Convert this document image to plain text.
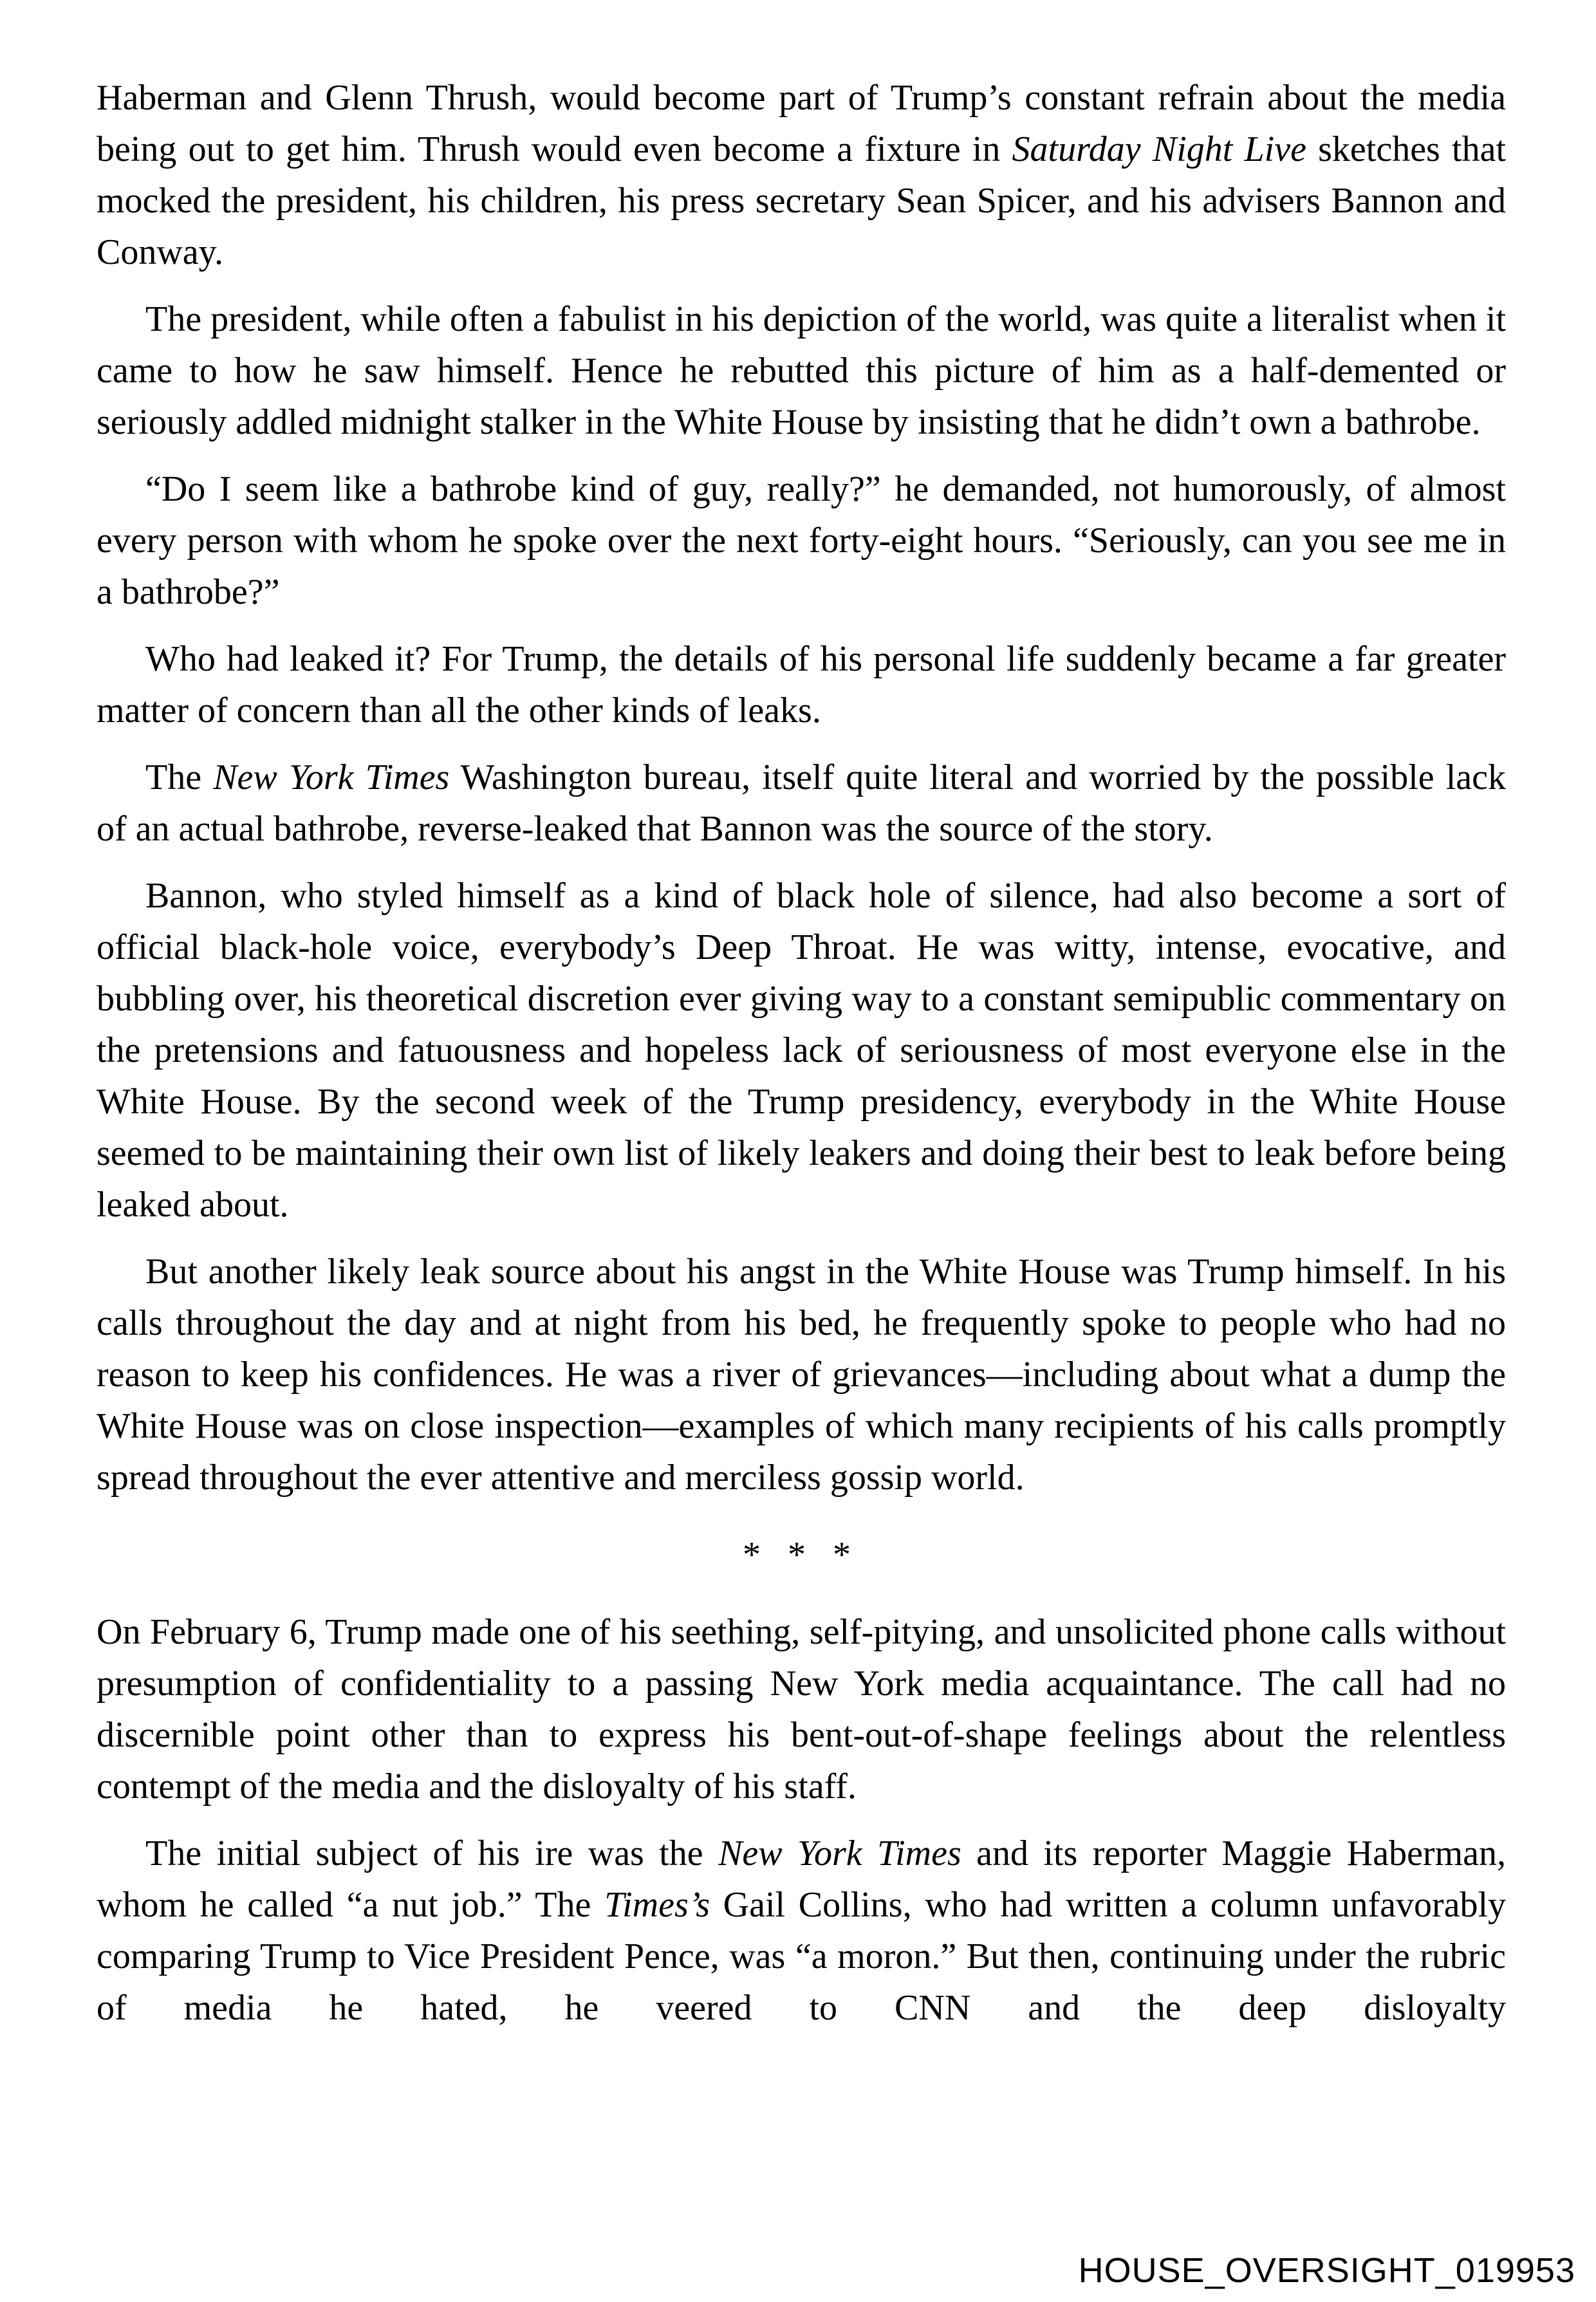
Haberman and Glenn Thrush, would become part of Trump’s constant refrain about the media being out to get him. Thrush would even become a fixture in Saturday Night Live sketches that mocked the president, his children, his press secretary Sean Spicer, and his advisers Bannon and Conway.

The president, while often a fabulist in his depiction of the world, was quite a literalist when it came to how he saw himself. Hence he rebutted this picture of him as a half-demented or seriously addled midnight stalker in the White House by insisting that he didn’t own a bathrobe.

“Do I seem like a bathrobe kind of guy, really?” he demanded, not humorously, of almost every person with whom he spoke over the next forty-eight hours. “Seriously, can you see me in a bathrobe?”

Who had leaked it? For Trump, the details of his personal life suddenly became a far greater matter of concern than all the other kinds of leaks.

The New York Times Washington bureau, itself quite literal and worried by the possible lack of an actual bathrobe, reverse-leaked that Bannon was the source of the story.

Bannon, who styled himself as a kind of black hole of silence, had also become a sort of official black-hole voice, everybody’s Deep Throat. He was witty, intense, evocative, and bubbling over, his theoretical discretion ever giving way to a constant semipublic commentary on the pretensions and fatuousness and hopeless lack of seriousness of most everyone else in the White House. By the second week of the Trump presidency, everybody in the White House seemed to be maintaining their own list of likely leakers and doing their best to leak before being leaked about.

But another likely leak source about his angst in the White House was Trump himself. In his calls throughout the day and at night from his bed, he frequently spoke to people who had no reason to keep his confidences. He was a river of grievances—including about what a dump the White House was on close inspection—examples of which many recipients of his calls promptly spread throughout the ever attentive and merciless gossip world.

* * *

On February 6, Trump made one of his seething, self-pitying, and unsolicited phone calls without presumption of confidentiality to a passing New York media acquaintance. The call had no discernible point other than to express his bent-out-of-shape feelings about the relentless contempt of the media and the disloyalty of his staff.

The initial subject of his ire was the New York Times and its reporter Maggie Haberman, whom he called “a nut job.” The Times’s Gail Collins, who had written a column unfavorably comparing Trump to Vice President Pence, was “a moron.” But then, continuing under the rubric of media he hated, he veered to CNN and the deep disloyalty

HOUSE_OVERSIGHT_019953
